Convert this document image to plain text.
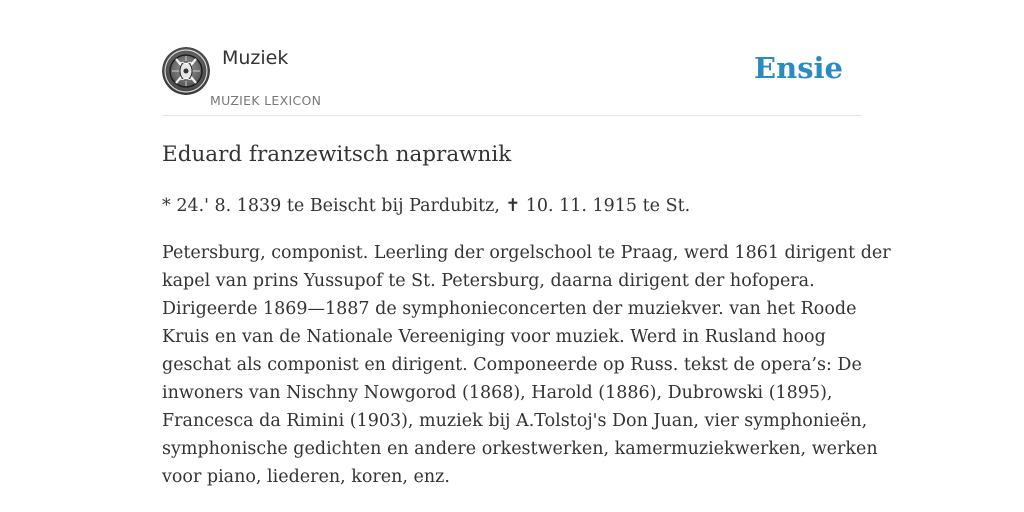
Muziek
MUZIEK LEXICON
Ensie
Eduard franzewitsch naprawnik

* 24.' 8. 1839 te Beischt bij Pardubitz, ✝ 10. 11. 1915 te St.

Petersburg, componist. Leerling der orgelschool te Praag, werd 1861 dirigent der
kapel van prins Yussupof te St. Petersburg, daarna dirigent der hofopera.
Dirigeerde 1869—1887 de symphonieconcerten der muziekver. van het Roode
Kruis en van de Nationale Vereeniging voor muziek. Werd in Rusland hoog
geschat als componist en dirigent. Componeerde op Russ. tekst de opera’s: De
inwoners van Nischny Nowgorod (1868), Harold (1886), Dubrowski (1895),
Francesca da Rimini (1903), muziek bij A.Tolstoj's Don Juan, vier symphonieën,
symphonische gedichten en andere orkestwerken, kamermuziekwerken, werken
voor piano, liederen, koren, enz.
